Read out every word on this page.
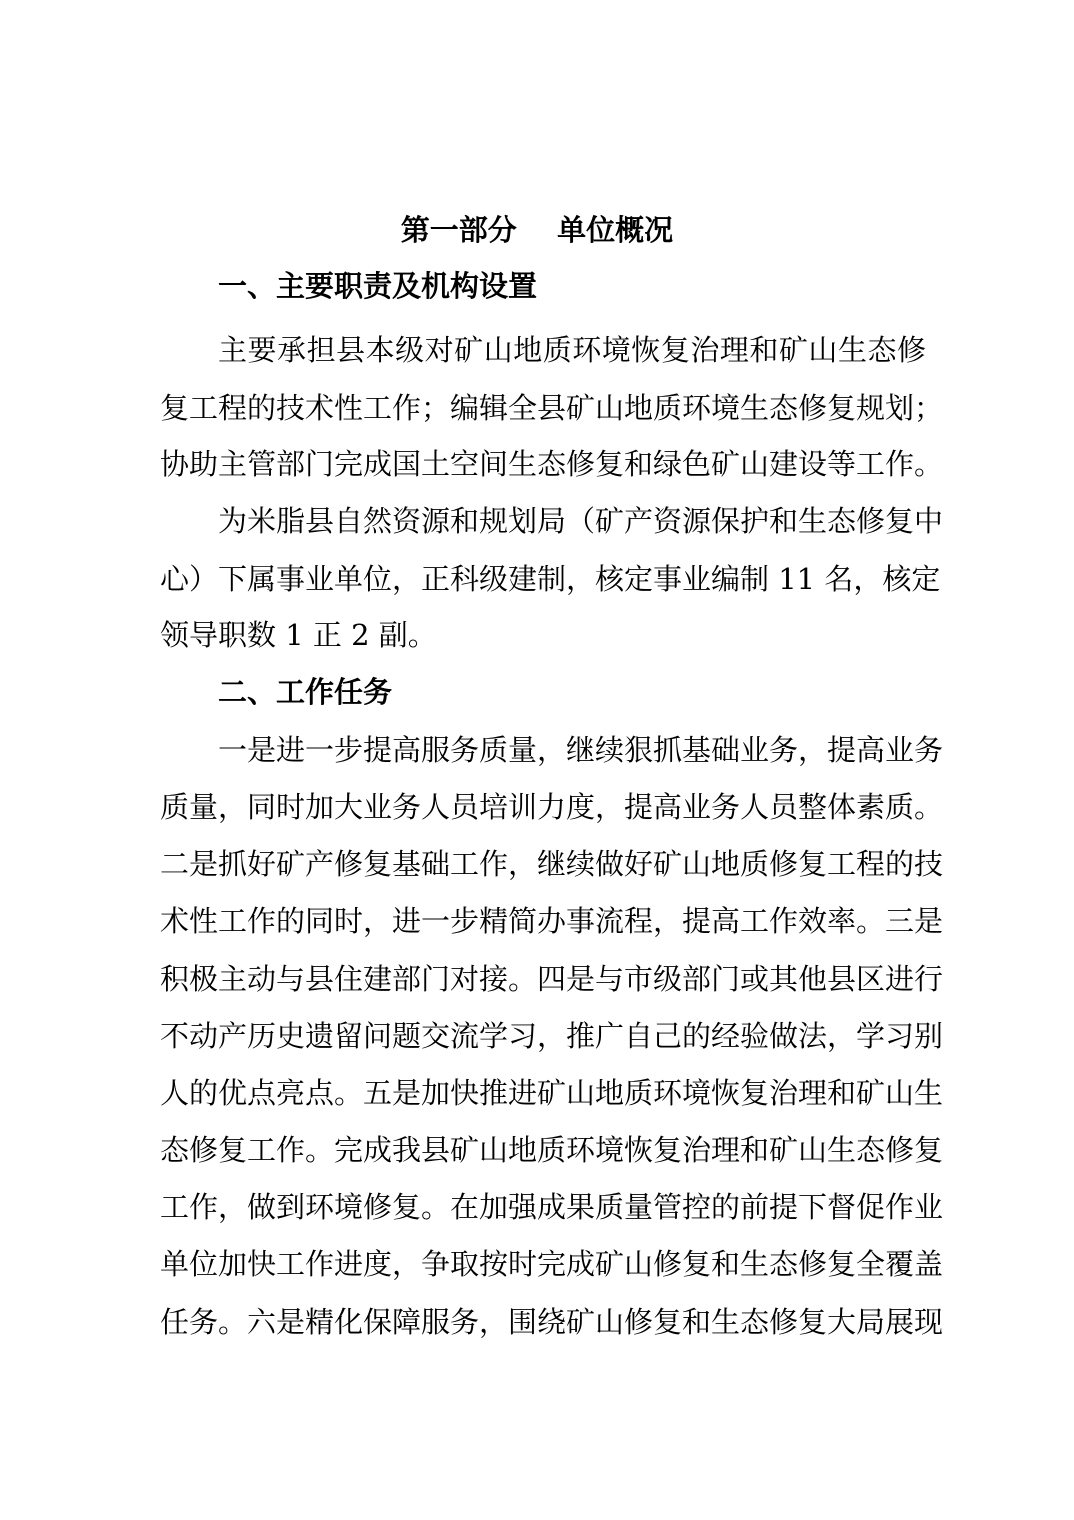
第一部分    单位概况
一、主要职责及机构设置
主要承担县本级对矿山地质环境恢复治理和矿山生态修
复工程的技术性工作；编辑全县矿山地质环境生态修复规划；
协助主管部门完成国土空间生态修复和绿色矿山建设等工作。
为米脂县自然资源和规划局（矿产资源保护和生态修复中
心）下属事业单位，正科级建制，核定事业编制 11 名，核定
领导职数 1 正 2 副。
二、工作任务
一是进一步提高服务质量，继续狠抓基础业务，提高业务
质量，同时加大业务人员培训力度，提高业务人员整体素质。
二是抓好矿产修复基础工作，继续做好矿山地质修复工程的技
术性工作的同时，进一步精简办事流程，提高工作效率。三是
积极主动与县住建部门对接。四是与市级部门或其他县区进行
不动产历史遗留问题交流学习，推广自己的经验做法，学习别
人的优点亮点。五是加快推进矿山地质环境恢复治理和矿山生
态修复工作。完成我县矿山地质环境恢复治理和矿山生态修复
工作，做到环境修复。在加强成果质量管控的前提下督促作业
单位加快工作进度，争取按时完成矿山修复和生态修复全覆盖
任务。六是精化保障服务，围绕矿山修复和生态修复大局展现
